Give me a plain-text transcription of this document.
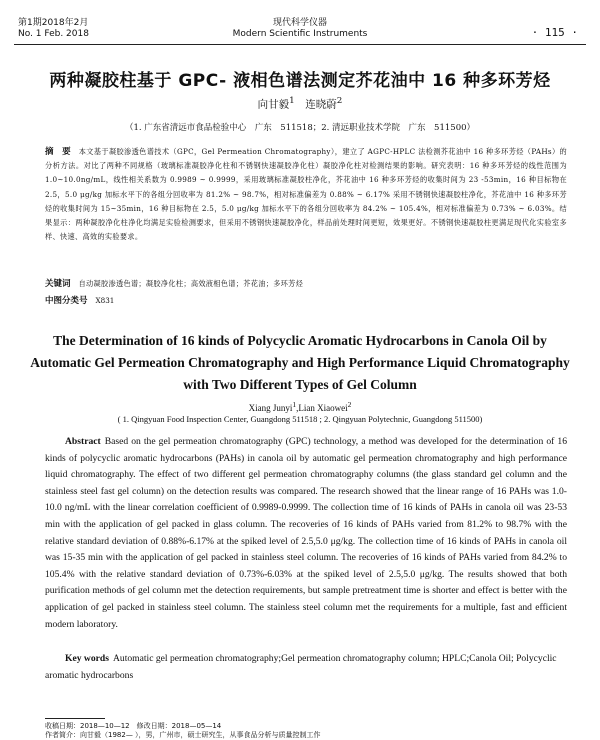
第1期2018年2月
No. 1 Feb. 2018
现代科学仪器
Modern Scientific Instruments	· 115 ·
两种凝胶柱基于 GPC- 液相色谱法测定芥花油中 16 种多环芳烃
向甘毅$^1$　 连晓蔚$^2$
（1. 广东省清远市食品检验中心　广东　511518；2. 清远职业技术学院　广东　511500）
摘　要 本文基于凝胶渗透色谱技术（GPC，Gel Permeation Chromatography），建立了 AGPC-HPLC 法检测芥花油中 16 种多环芳烃（PAHs）的分析方法。对比了两种不同规格（玻璃标准凝胶净化柱和不锈钢快速凝胶净化柱）凝胶净化柱对检测结果的影响。研究表明：16 种多环芳烃的线性范围为 1.0~10.0ng/mL，线性相关系数为 0.9989 ~ 0.9999，采用玻璃标准凝胶柱净化，芥花油中 16 种多环芳烃的收集时间为 23 -53min，16 种目标物在 2.5，5.0 μg/kg 加标水平下的各组分回收率为 81.2% ~ 98.7%，相对标准偏差为 0.88% ~ 6.17% 采用不锈钢快速凝胶柱净化，芥花油中 16 种多环芳烃的收集时间为 15~35min，16 种目标物在 2.5，5.0 μg/kg 加标水平下的各组分回收率为 84.2% ~ 105.4%，相对标准偏差为 0.73% ~ 6.03%。结果显示：两种凝胶净化柱净化均满足实验检测要求，但采用不锈钢快速凝胶净化，样品前处理时间更短，效果更好。不锈钢快速凝胶柱更满足现代化实验室多样、快速、高效的实验要求。
关键词 自动凝胶渗透色谱；凝胶净化柱；高效液相色谱；芥花油；多环芳烃
中图分类号 X831
The Determination of 16 kinds of Polycyclic Aromatic Hydrocarbons in Canola Oil by Automatic Gel Permeation Chromatography and High Performance Liquid Chromatography with Two Different Types of Gel Column
Xiang Junyi$^1$,Lian Xiaowei$^2$
( 1. Qingyuan Food Inspection Center, Guangdong 511518 ; 2. Qingyuan Polytechnic, Guangdong 511500)
Abstract Based on the gel permeation chromatography (GPC) technology, a method was developed for the determination of 16 kinds of polycyclic aromatic hydrocarbons (PAHs) in canola oil by automatic gel permeation chromatography and high performance liquid chromatography. The effect of two different gel permeation chromatography columns (the glass standard gel column and the stainless steel fast gel column) on the detection results was compared. The research showed that the linear range of 16 PAHs was 1.0-10.0 ng/mL with the linear correlation coefficient of 0.9989-0.9999. The collection time of 16 kinds of PAHs in canola oil was 23-53 min with the application of gel packed in glass column. The recoveries of 16 kinds of PAHs varied from 81.2% to 98.7% with the relative standard deviation of 0.88%-6.17% at the spiked level of 2.5,5.0 μg/kg. The collection time of 16 kinds of PAHs in canola oil was 15-35 min with the application of gel packed in stainless steel column. The recoveries of 16 kinds of PAHs varied from 84.2% to 105.4% with the relative standard deviation of 0.73%-6.03% at the spiked level of 2.5,5.0 μg/kg. The results showed that both purification methods of gel column met the detection requirements, but sample pretreatment time is shorter and effect is better with the application of gel packed in stainless steel column. The stainless steel column met the requirements for a multiple, fast and efficient modern laboratory.
Key words Automatic gel permeation chromatography;Gel permeation chromatography column; HPLC;Canola Oil; Polycyclic aromatic hydrocarbons
收稿日期：2018—10—12　修改日期：2018—05—14
作者简介：向甘毅（1982— ），男，广州市，硕士研究生，从事食品分析与质量控制工作
